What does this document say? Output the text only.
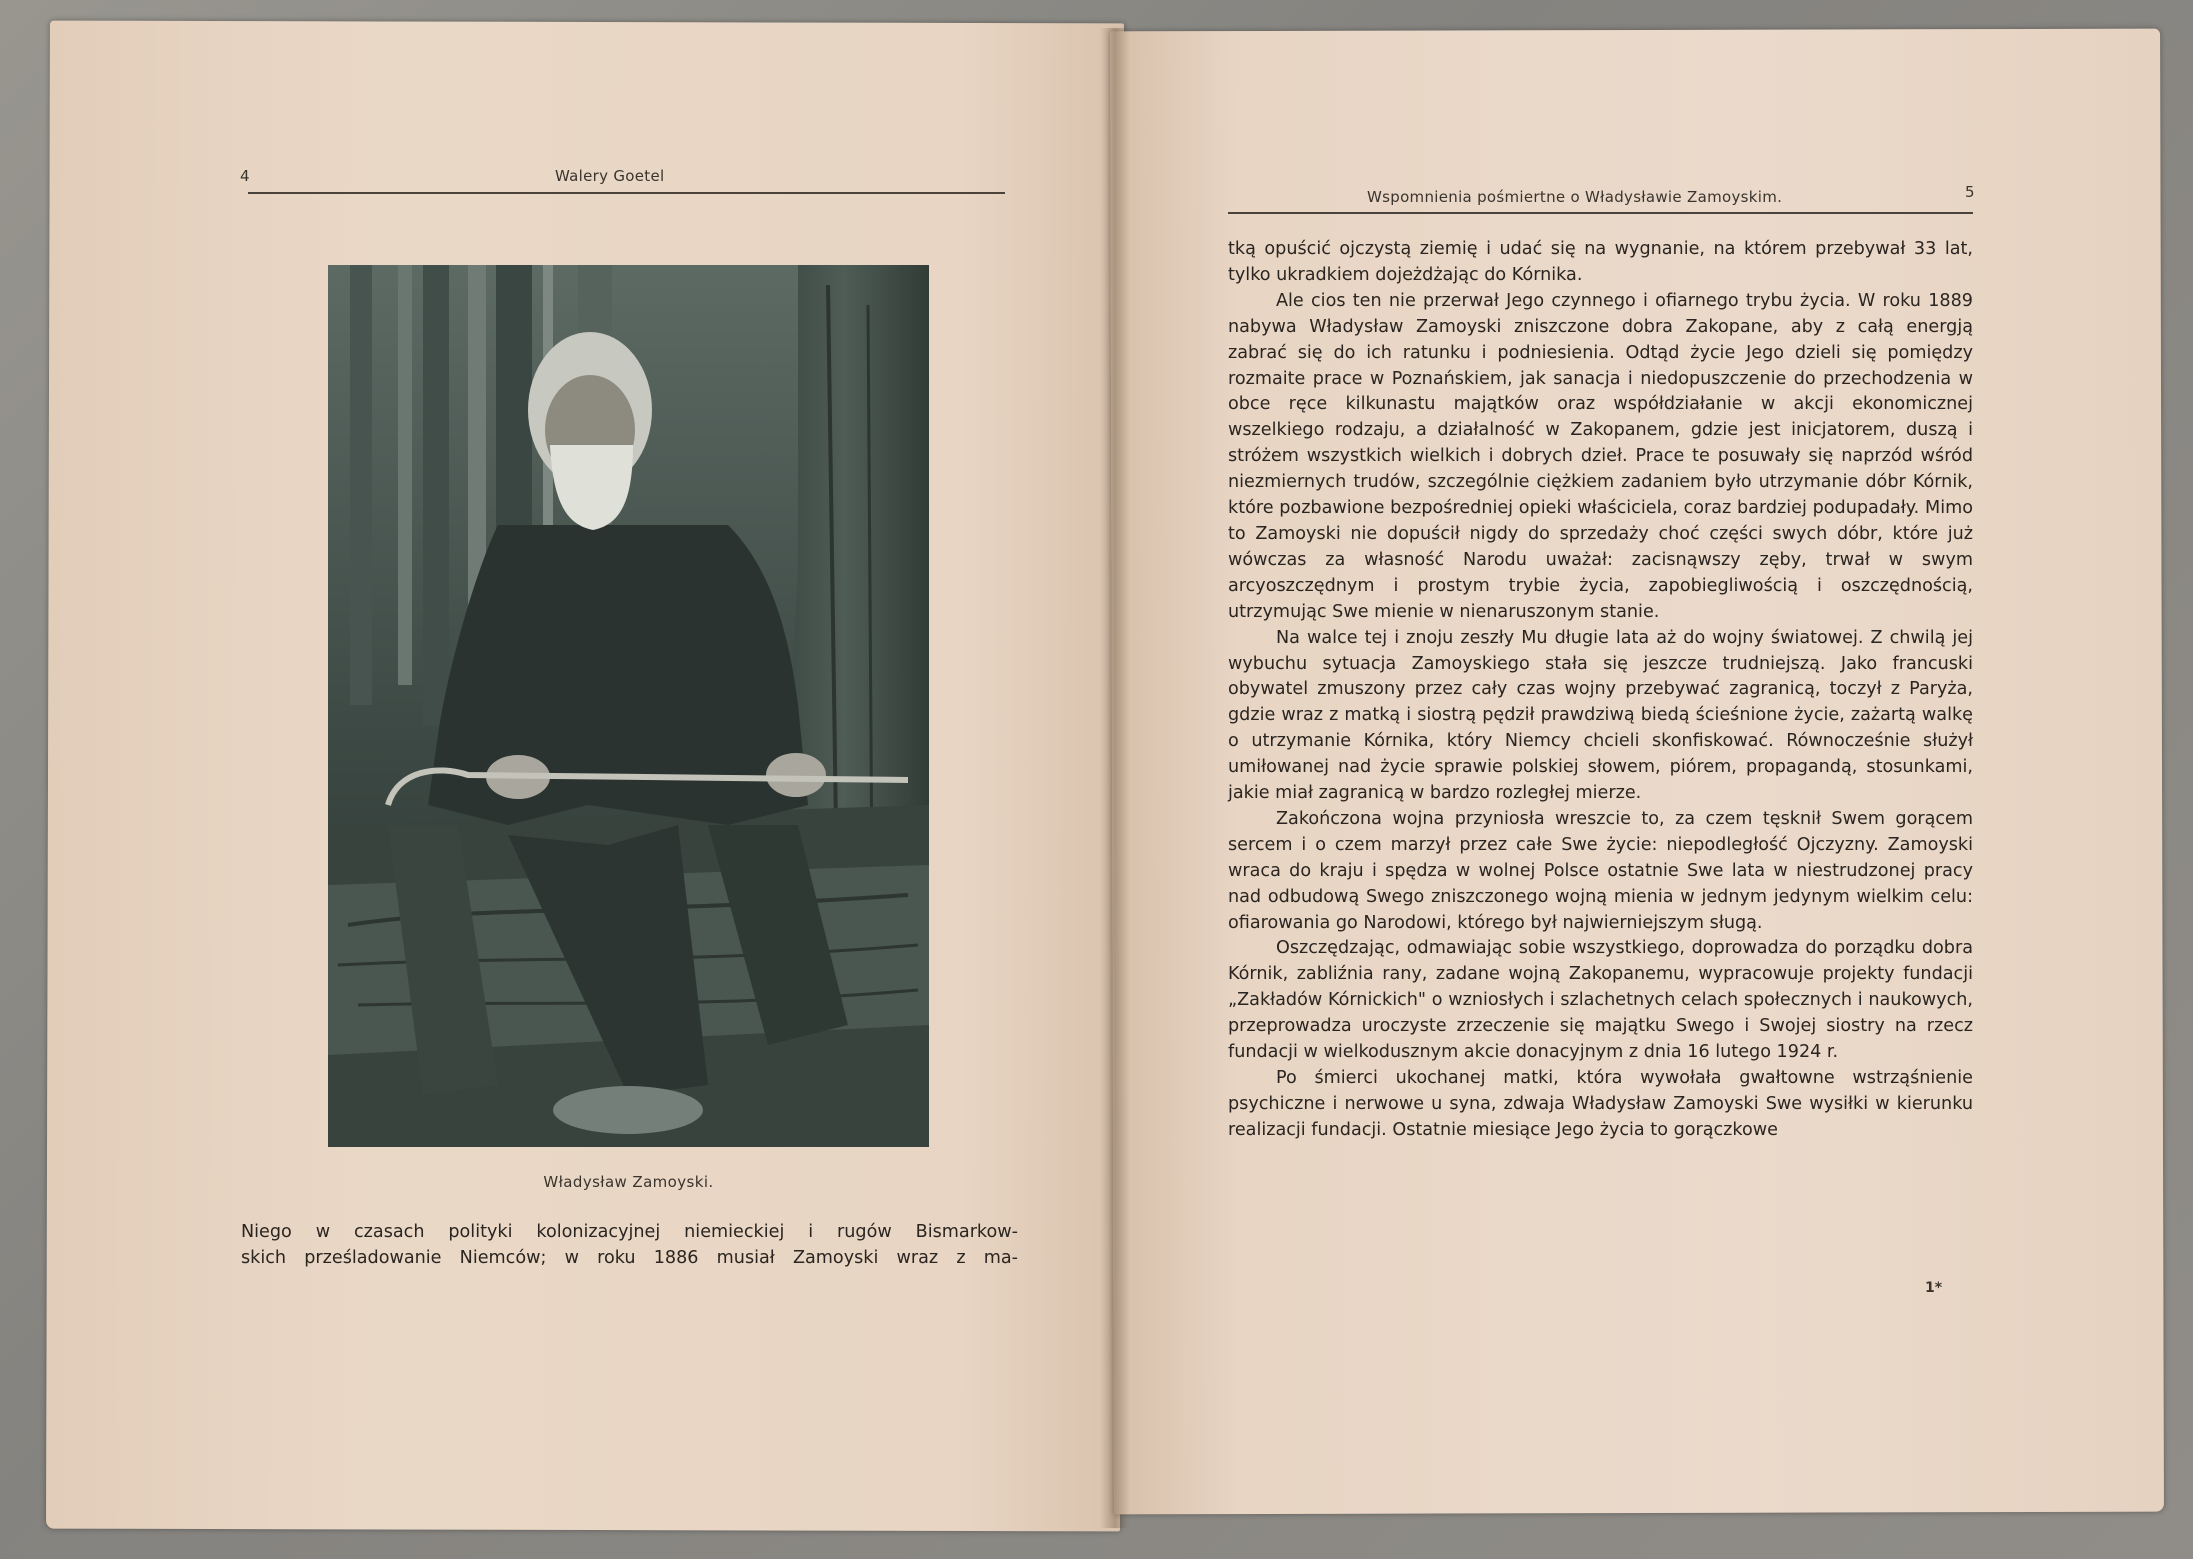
4	Walery Goetel
Władysław Zamoyski.

Niego w czasach polityki kolonizacyjnej niemieckiej i rugów Bismarkow-

skich prześladowanie Niemców; w roku 1886 musiał Zamoyski wraz z ma-

Wspomnienia pośmiertne o Władysławie Zamoyskim.	5

tką opuścić ojczystą ziemię i udać się na wygnanie, na którem przebywał 33 lat, tylko ukradkiem dojeżdżając do Kórnika.

Ale cios ten nie przerwał Jego czynnego i ofiarnego trybu życia. W roku 1889 nabywa Władysław Zamoyski zniszczone dobra Zakopane, aby z całą energją zabrać się do ich ratunku i podniesienia. Odtąd życie Jego dzieli się pomiędzy rozmaite prace w Poznańskiem, jak sanacja i niedopuszczenie do przechodzenia w obce ręce kilkunastu majątków oraz współdziałanie w akcji ekonomicznej wszelkiego rodzaju, a działalność w Zakopanem, gdzie jest inicjatorem, duszą i stróżem wszystkich wielkich i dobrych dzieł. Prace te posuwały się naprzód wśród niezmiernych trudów, szczególnie ciężkiem zadaniem było utrzymanie dóbr Kórnik, które pozbawione bezpośredniej opieki właściciela, coraz bardziej podupadały. Mimo to Zamoyski nie dopuścił nigdy do sprzedaży choć części swych dóbr, które już wówczas za własność Narodu uważał: zacisnąwszy zęby, trwał w swym arcyoszczędnym i prostym trybie życia, zapobiegliwością i oszczędnością, utrzymując Swe mienie w nienaruszonym stanie.

Na walce tej i znoju zeszły Mu długie lata aż do wojny światowej. Z chwilą jej wybuchu sytuacja Zamoyskiego stała się jeszcze trudniejszą. Jako francuski obywatel zmuszony przez cały czas wojny przebywać zagranicą, toczył z Paryża, gdzie wraz z matką i siostrą pędził prawdziwą biedą ścieśnione życie, zażartą walkę o utrzymanie Kórnika, który Niemcy chcieli skonfiskować. Równocześnie służył umiłowanej nad życie sprawie polskiej słowem, piórem, propagandą, stosunkami, jakie miał zagranicą w bardzo rozległej mierze.

Zakończona wojna przyniosła wreszcie to, za czem tęsknił Swem gorącem sercem i o czem marzył przez całe Swe życie: niepodległość Ojczyzny. Zamoyski wraca do kraju i spędza w wolnej Polsce ostatnie Swe lata w niestrudzonej pracy nad odbudową Swego zniszczonego wojną mienia w jednym jedynym wielkim celu: ofiarowania go Narodowi, którego był najwierniejszym sługą.

Oszczędzając, odmawiając sobie wszystkiego, doprowadza do porządku dobra Kórnik, zabliźnia rany, zadane wojną Zakopanemu, wypracowuje projekty fundacji „Zakładów Kórnickich" o wzniosłych i szlachetnych celach społecznych i naukowych, przeprowadza uroczyste zrzeczenie się majątku Swego i Swojej siostry na rzecz fundacji w wielkodusznym akcie donacyjnym z dnia 16 lutego 1924 r.

Po śmierci ukochanej matki, która wywołała gwałtowne wstrząśnienie psychiczne i nerwowe u syna, zdwaja Władysław Zamoyski Swe wysiłki w kierunku realizacji fundacji. Ostatnie miesiące Jego życia to gorączkowe

1*
